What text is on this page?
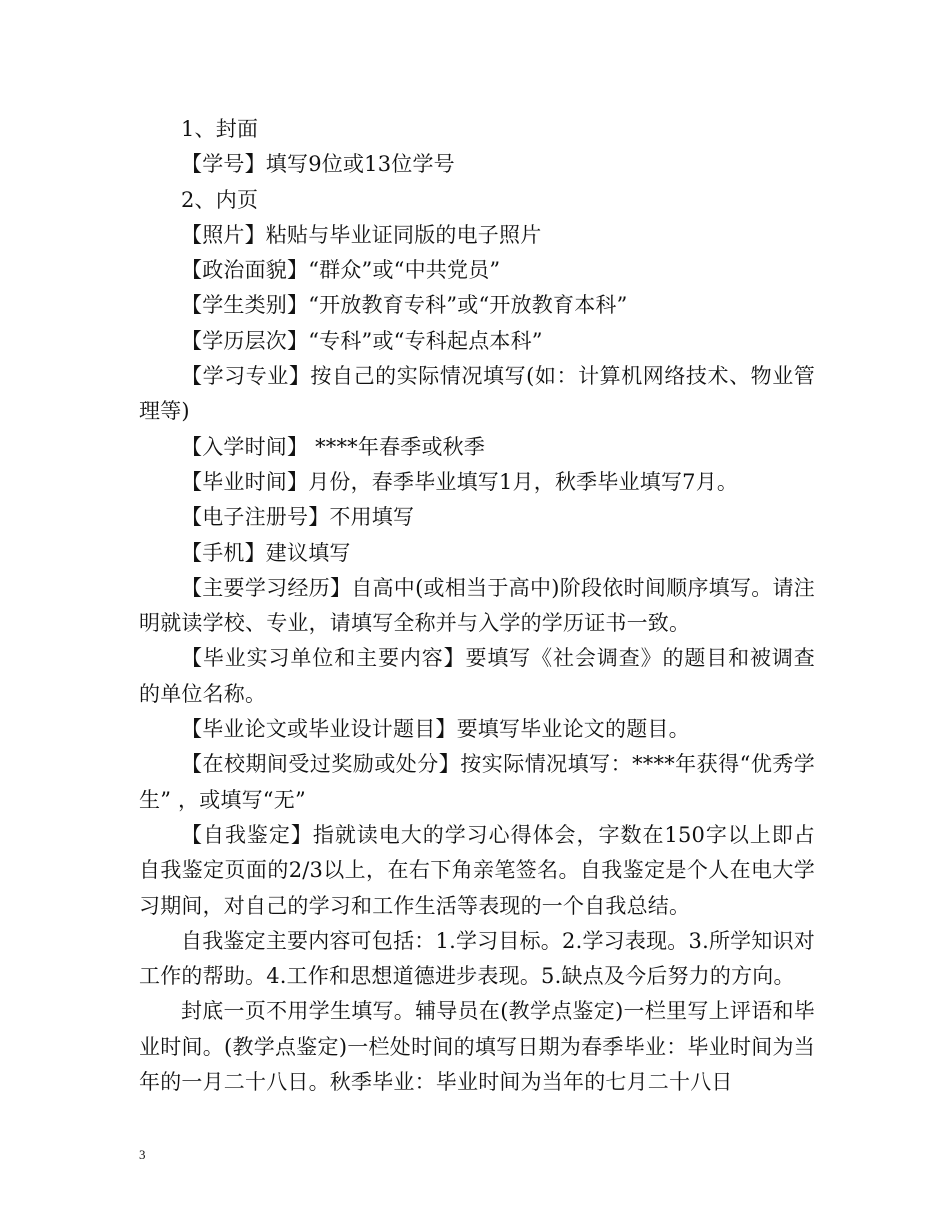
1、封面

【学号】填写9位或13位学号

2、内页

【照片】粘贴与毕业证同版的电子照片

【政治面貌】“群众”或“中共党员”

【学生类别】“开放教育专科”或“开放教育本科”

【学历层次】“专科”或“专科起点本科”

【学习专业】按自己的实际情况填写(如：计算机网络技术、物业管理等)

【入学时间】 ****年春季或秋季

【毕业时间】月份，春季毕业填写1月，秋季毕业填写7月。

【电子注册号】不用填写

【手机】建议填写

【主要学习经历】自高中(或相当于高中)阶段依时间顺序填写。请注明就读学校、专业，请填写全称并与入学的学历证书一致。

【毕业实习单位和主要内容】要填写《社会调查》的题目和被调查的单位名称。

【毕业论文或毕业设计题目】要填写毕业论文的题目。

【在校期间受过奖励或处分】按实际情况填写：****年获得“优秀学生” ，或填写“无”

【自我鉴定】指就读电大的学习心得体会，字数在150字以上即占自我鉴定页面的2/3以上，在右下角亲笔签名。自我鉴定是个人在电大学习期间，对自己的学习和工作生活等表现的一个自我总结。

自我鉴定主要内容可包括：1.学习目标。2.学习表现。3.所学知识对工作的帮助。4.工作和思想道德进步表现。5.缺点及今后努力的方向。

封底一页不用学生填写。辅导员在(教学点鉴定)一栏里写上评语和毕业时间。(教学点鉴定)一栏处时间的填写日期为春季毕业：毕业时间为当年的一月二十八日。秋季毕业：毕业时间为当年的七月二十八日

3
